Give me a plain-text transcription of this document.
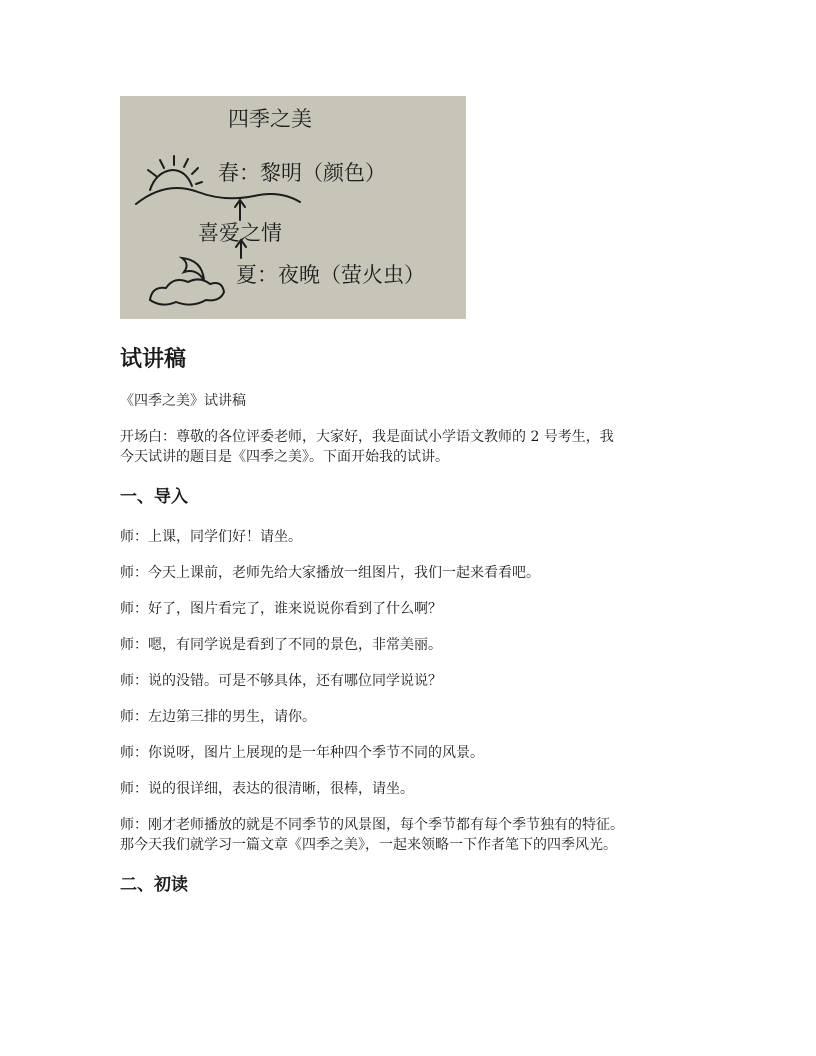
四季之美
春：黎明（颜色）
喜爱之情
夏：夜晚（萤火虫）
试讲稿

《四季之美》试讲稿

开场白：尊敬的各位评委老师，大家好，我是面试小学语文教师的 2 号考生，我
今天试讲的题目是《四季之美》。下面开始我的试讲。

一、导入

师：上课，同学们好！请坐。

师：今天上课前，老师先给大家播放一组图片，我们一起来看看吧。

师：好了，图片看完了，谁来说说你看到了什么啊？

师：嗯，有同学说是看到了不同的景色，非常美丽。

师：说的没错。可是不够具体，还有哪位同学说说？

师：左边第三排的男生，请你。

师：你说呀，图片上展现的是一年种四个季节不同的风景。

师：说的很详细，表达的很清晰，很棒，请坐。

师：刚才老师播放的就是不同季节的风景图，每个季节都有每个季节独有的特征。
那今天我们就学习一篇文章《四季之美》，一起来领略一下作者笔下的四季风光。

二、初读
